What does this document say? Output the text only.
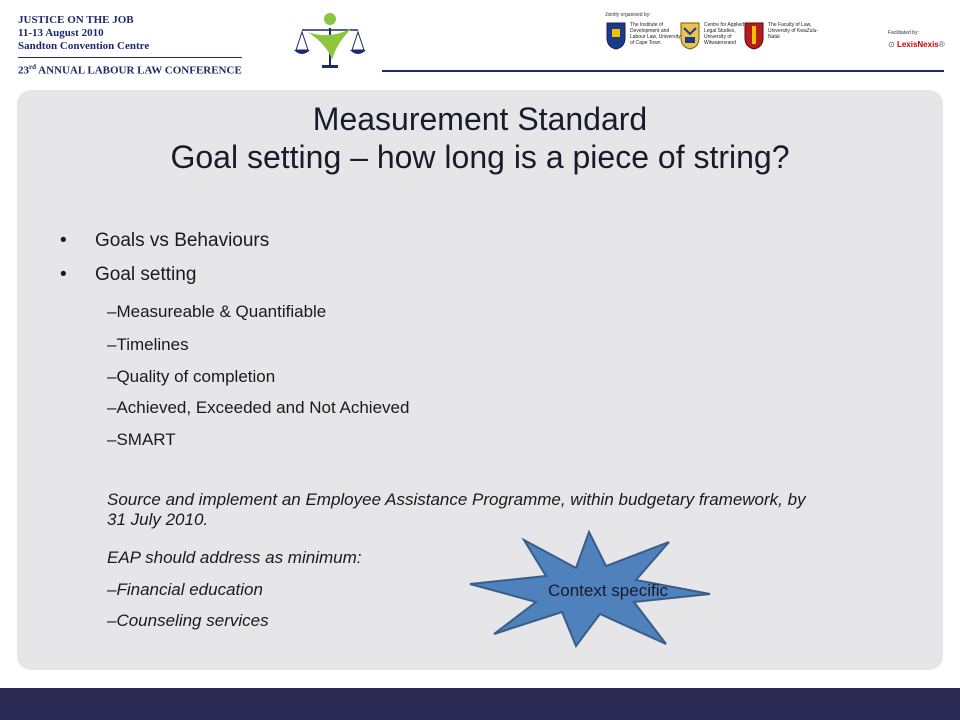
JUSTICE ON THE JOB
11-13 August 2010
Sandton Convention Centre
23rd ANNUAL LABOUR LAW CONFERENCE
Jointly organised by:
The Institute of Development and Labour Law, University of Cape Town
Centre for Applied Legal Studies, University of Witwatersrand
The Faculty of Law, University of KwaZulu-Natal
Facilitated by:
⊙ LexisNexis®
Measurement Standard
Goal setting – how long is a piece of string?
• Goals vs Behaviours
• Goal setting
–Measureable & Quantifiable
–Timelines
–Quality of completion
–Achieved, Exceeded and Not Achieved
–SMART
Source and implement an Employee Assistance Programme, within budgetary framework, by 31 July 2010.
EAP should address as minimum:
–Financial education
–Counseling services
Context specific
